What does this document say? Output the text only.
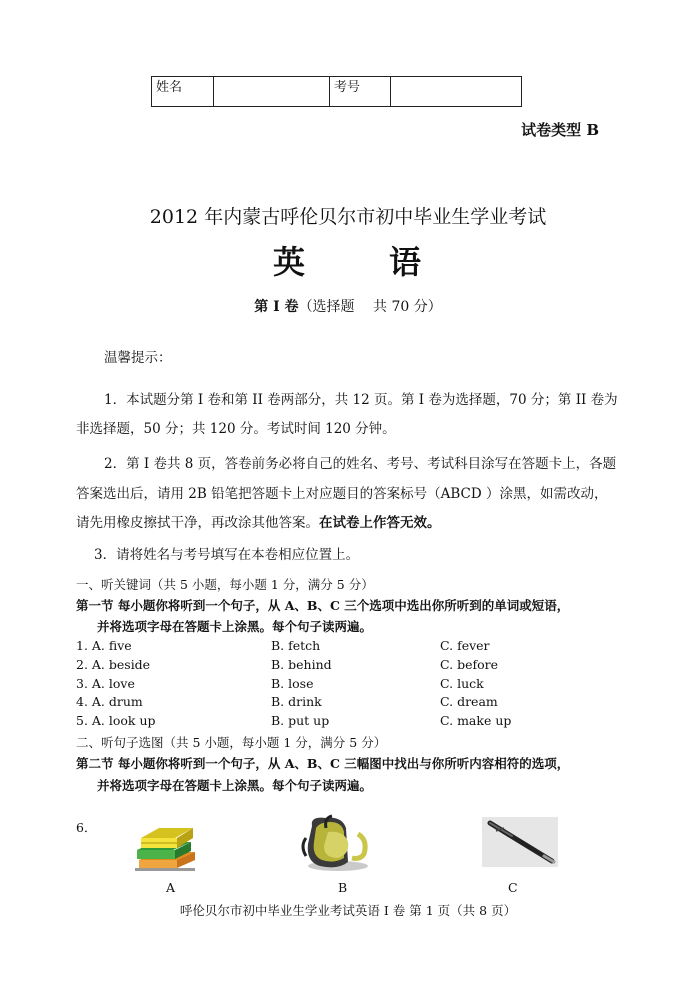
姓名		考号	
试卷类型 B
2012 年内蒙古呼伦贝尔市初中毕业生学业考试
英	语
第 I 卷（选择题　 共 70 分）
温馨提示：
1．本试题分第 I 卷和第 II 卷两部分，共 12 页。第 I 卷为选择题，70 分；第 II 卷为
非选择题，50 分；共 120 分。考试时间 120 分钟。
2．第 I 卷共 8 页，答卷前务必将自己的姓名、考号、考试科目涂写在答题卡上，各题
答案选出后，请用 2B 铅笔把答题卡上对应题目的答案标号（ABCD ）涂黑，如需改动，
请先用橡皮擦拭干净，再改涂其他答案。在试卷上作答无效。
3．请将姓名与考号填写在本卷相应位置上。
一、听关键词（共 5 小题，每小题 1 分，满分 5 分）
第一节 每小题你将听到一个句子，从 A、B、C 三个选项中选出你所听到的单词或短语，
并将选项字母在答题卡上涂黑。每个句子读两遍。
1. A. five	B. fetch	C. fever
2. A. beside	B. behind	C. before
3. A. love	B. lose	C. luck
4. A. drum	B. drink	C. dream
5. A. look up	B. put up	C. make up
二、听句子选图（共 5 小题，每小题 1 分，满分 5 分）
第二节 每小题你将听到一个句子，从 A、B、C 三幅图中找出与你所听内容相符的选项，
并将选项字母在答题卡上涂黑。每个句子读两遍。
6．
A	B	C
呼伦贝尔市初中毕业生学业考试英语 I 卷 第 1 页（共 8 页）
